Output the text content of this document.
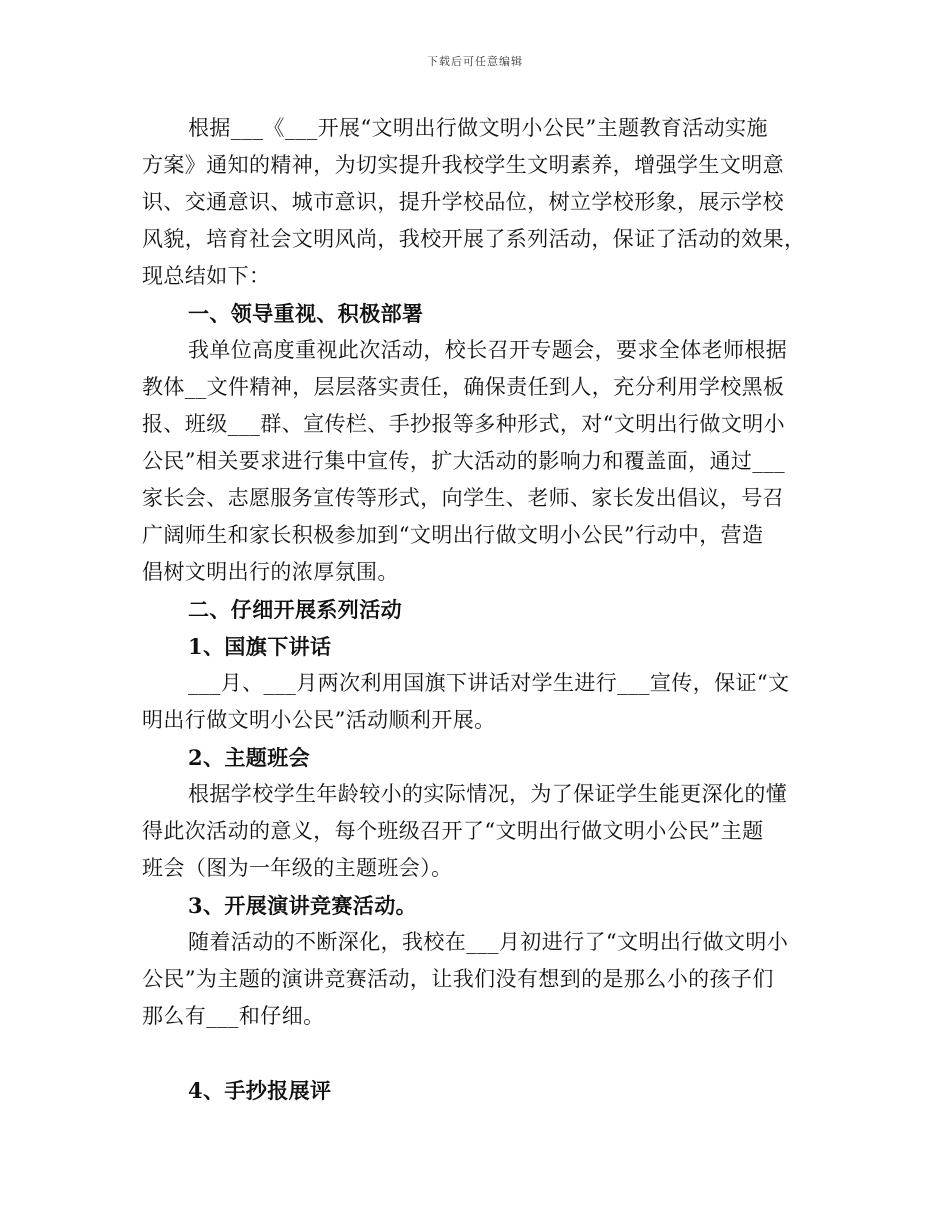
下载后可任意编辑
根据___《___开展“文明出行做文明小公民”主题教育活动实施
方案》通知的精神，为切实提升我校学生文明素养，增强学生文明意
识、交通意识、城市意识，提升学校品位，树立学校形象，展示学校
风貌，培育社会文明风尚，我校开展了系列活动，保证了活动的效果，
现总结如下：
一、领导重视、积极部署
我单位高度重视此次活动，校长召开专题会，要求全体老师根据
教体__文件精神，层层落实责任，确保责任到人，充分利用学校黑板
报、班级___群、宣传栏、手抄报等多种形式，对“文明出行做文明小
公民”相关要求进行集中宣传，扩大活动的影响力和覆盖面，通过___
家长会、志愿服务宣传等形式，向学生、老师、家长发出倡议，号召
广阔师生和家长积极参加到“文明出行做文明小公民”行动中，营造
倡树文明出行的浓厚氛围。
二、仔细开展系列活动
1、国旗下讲话
___月、___月两次利用国旗下讲话对学生进行___宣传，保证“文
明出行做文明小公民”活动顺利开展。
2、主题班会
根据学校学生年龄较小的实际情况，为了保证学生能更深化的懂
得此次活动的意义，每个班级召开了“文明出行做文明小公民”主题
班会（图为一年级的主题班会）。
3、开展演讲竞赛活动。
随着活动的不断深化，我校在___月初进行了“文明出行做文明小
公民”为主题的演讲竞赛活动，让我们没有想到的是那么小的孩子们
那么有___和仔细。
4、手抄报展评
